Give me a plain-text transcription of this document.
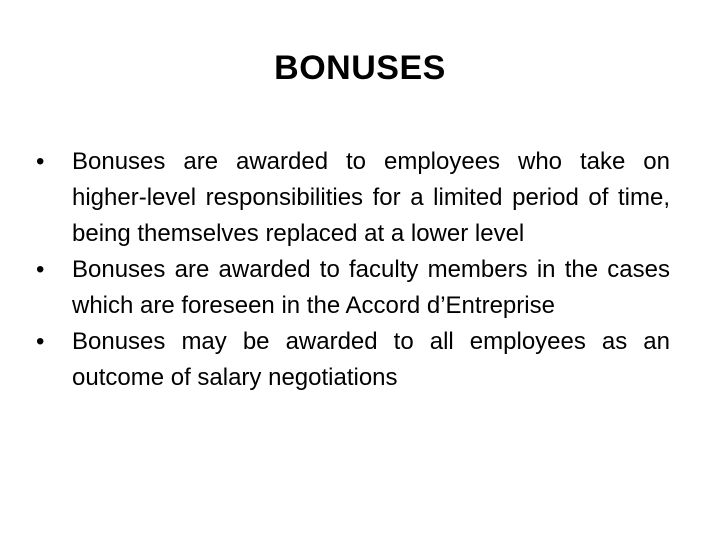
BONUSES
•	Bonuses are awarded to employees who take on higher-level responsibilities for a limited period of time, being themselves replaced at a lower level
•	Bonuses are awarded to faculty members in the cases which are foreseen in the Accord d’Entreprise
•	Bonuses may be awarded to all employees as an outcome of salary negotiations
